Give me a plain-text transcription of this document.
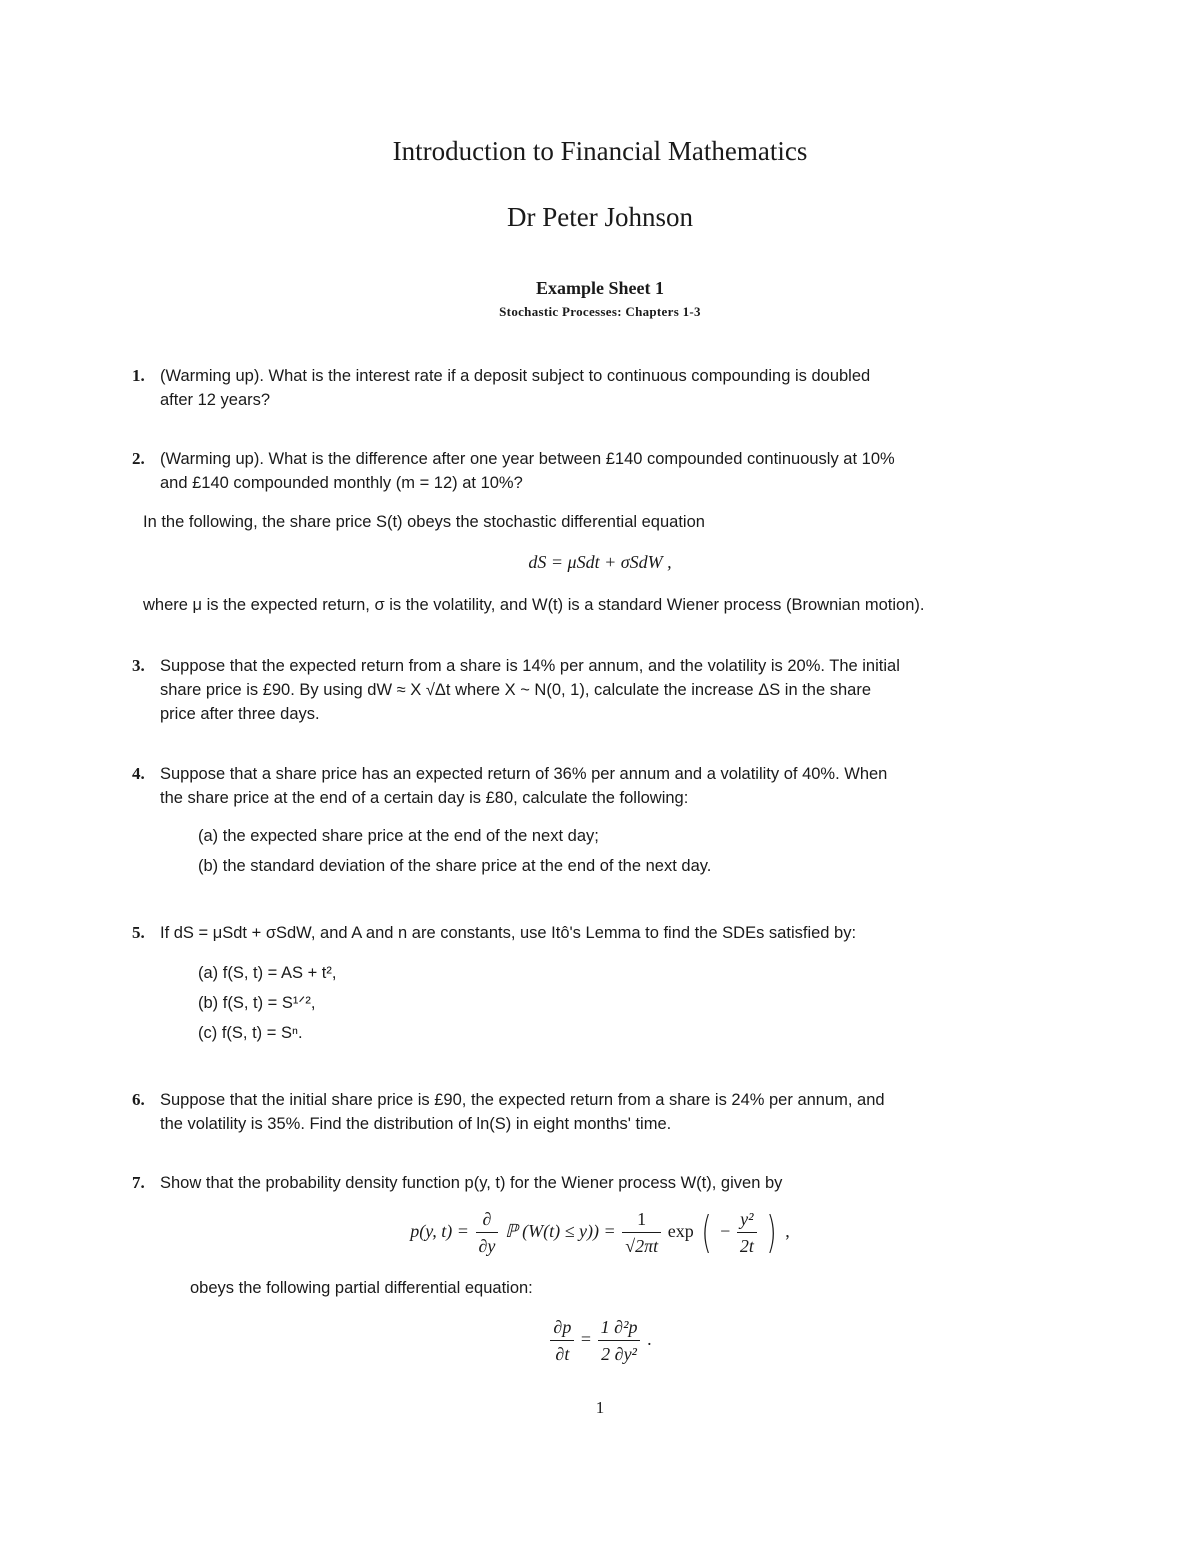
Introduction to Financial Mathematics
Dr Peter Johnson
Example Sheet 1
Stochastic Processes: Chapters 1-3
1. (Warming up). What is the interest rate if a deposit subject to continuous compounding is doubled
after 12 years?
2. (Warming up). What is the difference after one year between £140 compounded continuously at 10%
and £140 compounded monthly (m = 12) at 10%?
In the following, the share price S(t) obeys the stochastic differential equation
dS = μSdt + σSdW ,
where μ is the expected return, σ is the volatility, and W(t) is a standard Wiener process (Brownian motion).
3. Suppose that the expected return from a share is 14% per annum, and the volatility is 20%. The initial
share price is £90. By using dW ≈ X √Δt where X ~ N(0, 1), calculate the increase ΔS in the share
price after three days.
4. Suppose that a share price has an expected return of 36% per annum and a volatility of 40%. When
the share price at the end of a certain day is £80, calculate the following:
(a) the expected share price at the end of the next day;
(b) the standard deviation of the share price at the end of the next day.
5. If dS = μSdt + σSdW, and A and n are constants, use Itô's Lemma to find the SDEs satisfied by:
(a) f(S, t) = AS + t²,
(b) f(S, t) = S¹ᐟ²,
(c) f(S, t) = Sⁿ.
6. Suppose that the initial share price is £90, the expected return from a share is 24% per annum, and
the volatility is 35%. Find the distribution of ln(S) in eight months' time.
7. Show that the probability density function p(y, t) for the Wiener process W(t), given by
p(y, $t) = \frac{\partial}{\partial y}$ ℙ $(W(t) \le y)) = \frac{1}{√2\pi t}$ exp ( − $\frac{\text{y²}}{2t}$ ) ,
obeys the following partial differential equation:
$\frac{\partial p}{\partial t} = \frac{\text{1 ∂²p}}{\text{2 ∂y²}}$ .
1
